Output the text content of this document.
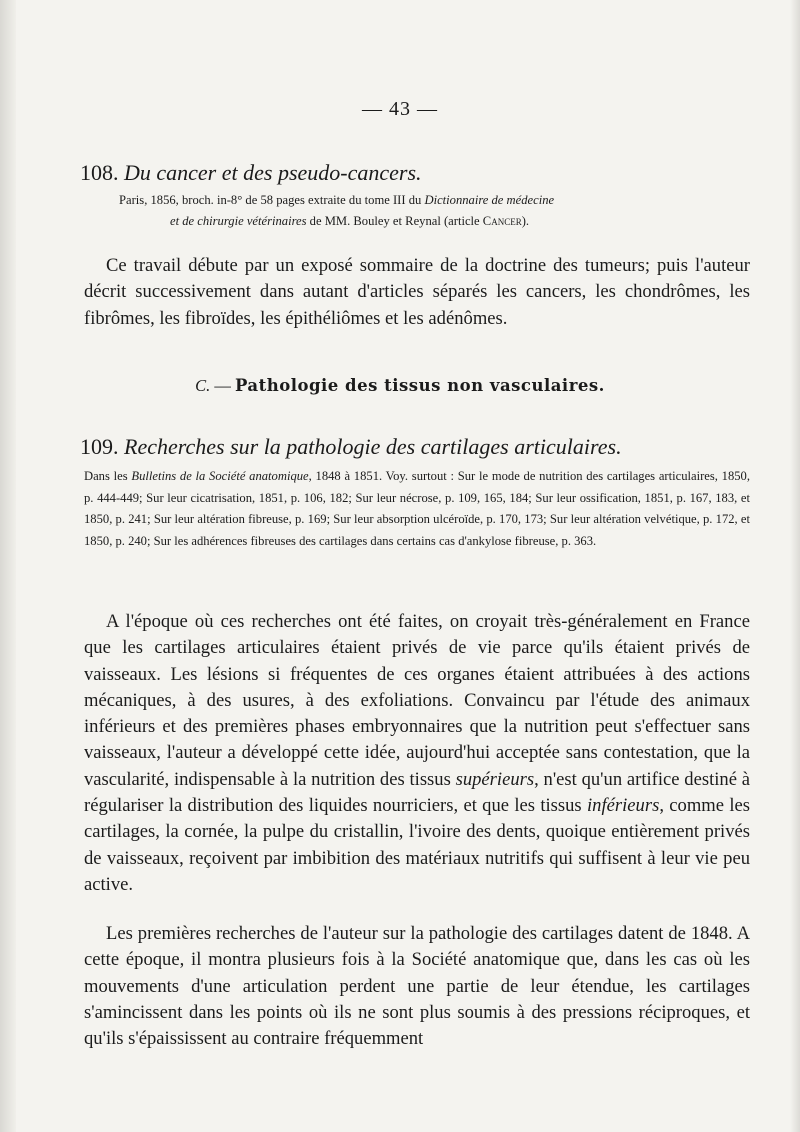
— 43 —
108. Du cancer et des pseudo-cancers.
Paris, 1856, broch. in-8° de 58 pages extraite du tome III du Dictionnaire de médecine
et de chirurgie vétérinaires de MM. Bouley et Reynal (article Cancer).

Ce travail débute par un exposé sommaire de la doctrine des tumeurs; puis l'auteur décrit successivement dans autant d'articles séparés les cancers, les chondrômes, les fibrômes, les fibroïdes, les épithéliômes et les adénômes.

C. — Pathologie des tissus non vasculaires.
109. Recherches sur la pathologie des cartilages articulaires.

Dans les Bulletins de la Société anatomique, 1848 à 1851. Voy. surtout : Sur le mode de nutrition des cartilages articulaires, 1850, p. 444-449; Sur leur cicatrisation, 1851, p. 106, 182; Sur leur nécrose, p. 109, 165, 184; Sur leur ossification, 1851, p. 167, 183, et 1850, p. 241; Sur leur altération fibreuse, p. 169; Sur leur absorption ulcéroïde, p. 170, 173; Sur leur altération velvétique, p. 172, et 1850, p. 240; Sur les adhérences fibreuses des cartilages dans certains cas d'ankylose fibreuse, p. 363.

A l'époque où ces recherches ont été faites, on croyait très-généralement en France que les cartilages articulaires étaient privés de vie parce qu'ils étaient privés de vaisseaux. Les lésions si fréquentes de ces organes étaient attribuées à des actions mécaniques, à des usures, à des exfoliations. Convaincu par l'étude des animaux inférieurs et des premières phases embryonnaires que la nutrition peut s'effectuer sans vaisseaux, l'auteur a développé cette idée, aujourd'hui acceptée sans contestation, que la vascularité, indispensable à la nutrition des tissus supérieurs, n'est qu'un artifice destiné à régulariser la distribution des liquides nourriciers, et que les tissus inférieurs, comme les cartilages, la cornée, la pulpe du cristallin, l'ivoire des dents, quoique entièrement privés de vaisseaux, reçoivent par imbibition des matériaux nutritifs qui suffisent à leur vie peu active.

Les premières recherches de l'auteur sur la pathologie des cartilages datent de 1848. A cette époque, il montra plusieurs fois à la Société anatomique que, dans les cas où les mouvements d'une articulation perdent une partie de leur étendue, les cartilages s'amincissent dans les points où ils ne sont plus soumis à des pressions réciproques, et qu'ils s'épaississent au contraire fréquemment
